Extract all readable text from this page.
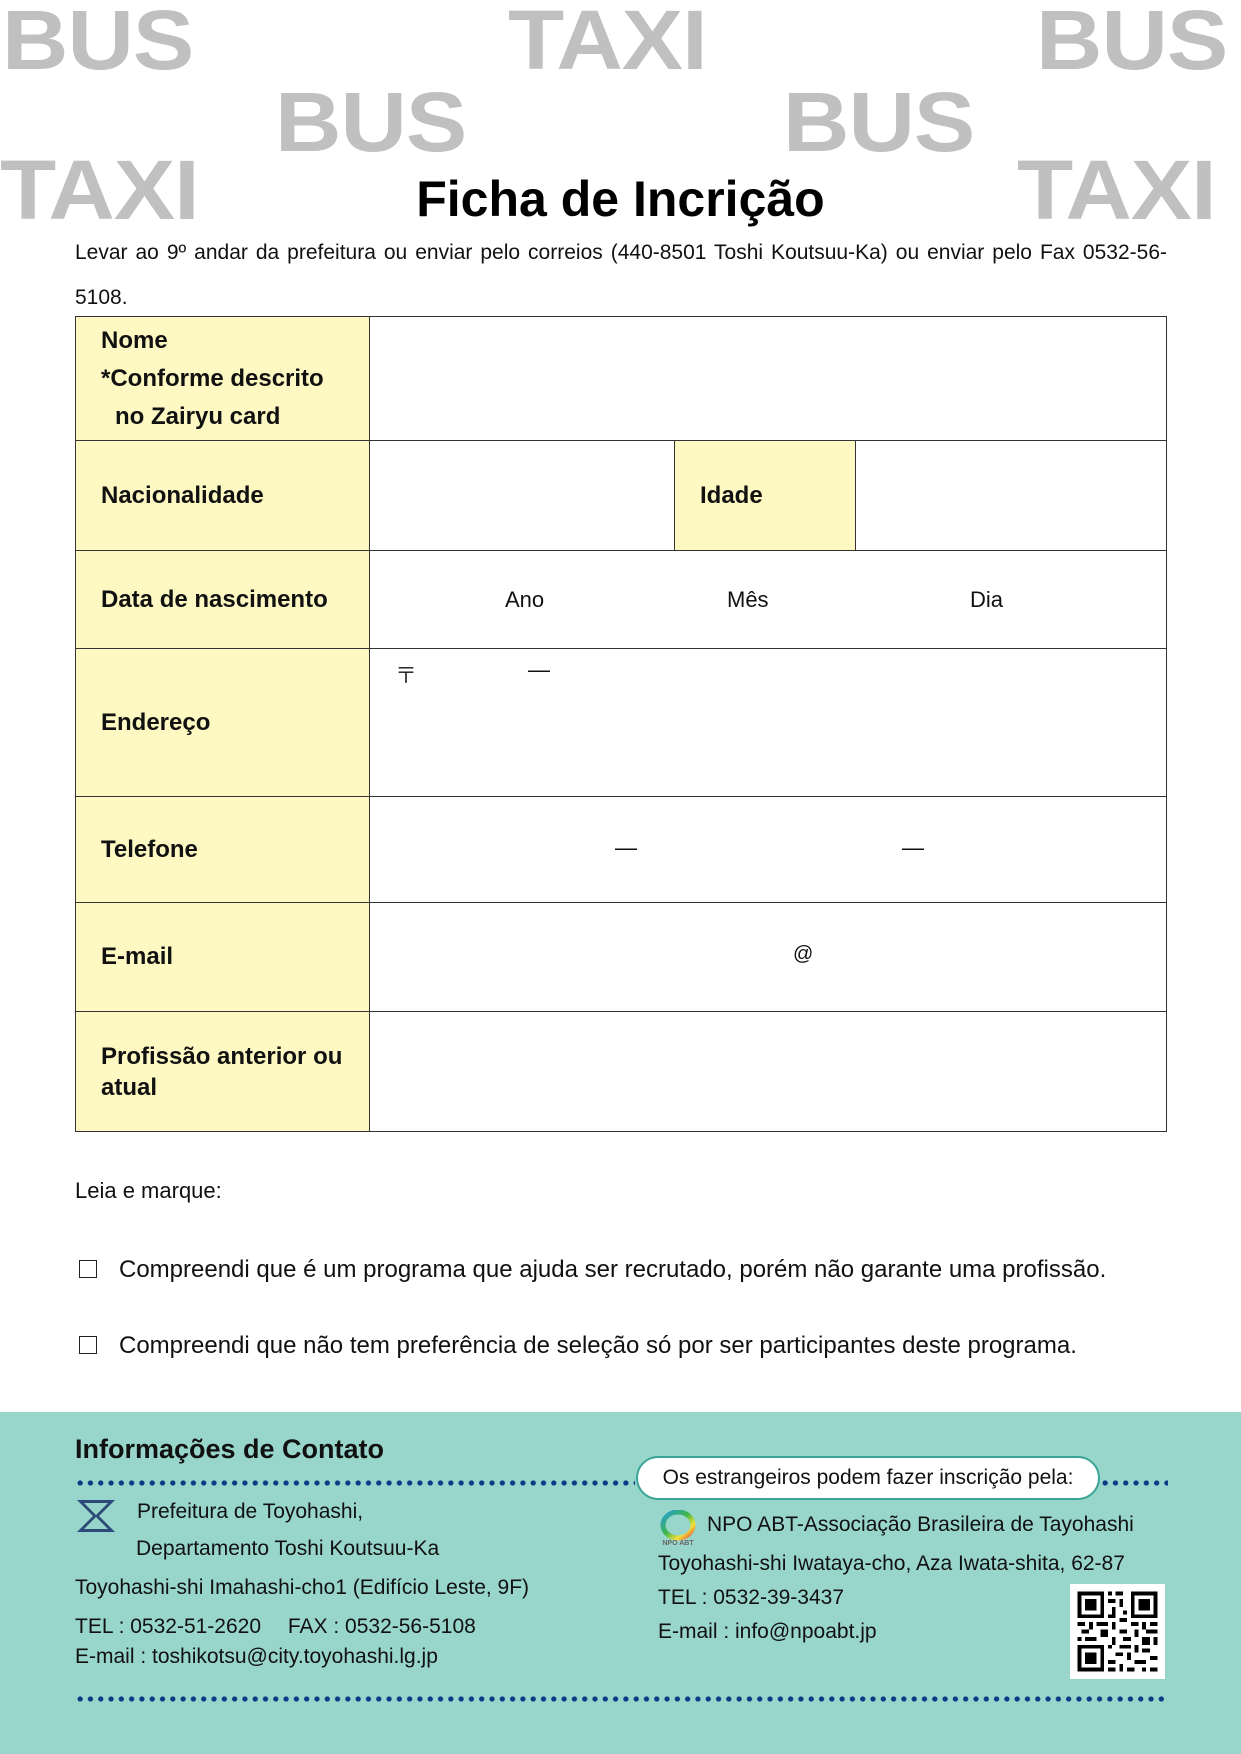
BUS	TAXI	BUS
BUS	BUS
TAXI	TAXI
Ficha de Incrição
Levar ao 9º andar da prefeitura ou enviar pelo correios (440-8501 Toshi Koutsuu-Ka) ou enviar pelo Fax 0532-56-5108.
Nome
*Conforme descrito
no Zairyu card			

Nacionalidade		Idade	
Data de nascimento	Ano Mês Dia		

Endereço	〒 —		

Telefone	— —		

E-mail	@		

Profissão anterior ou atual			
Leia e marque:
Compreendi que é um programa que ajuda ser recrutado, porém não garante uma profissão.
Compreendi que não tem preferência de seleção só por ser participantes deste programa.
Informações de Contato
Os estrangeiros podem fazer inscrição pela:
Prefeitura de Toyohashi,
Departamento Toshi Koutsuu-Ka
Toyohashi-shi Imahashi-cho1 (Edifício Leste, 9F)
TEL : 0532-51-2620　 FAX : 0532-56-5108
E-mail : toshikotsu@city.toyohashi.lg.jp
NPO ABT
NPO ABT-Associação Brasileira de Tayohashi
Toyohashi-shi Iwataya-cho, Aza Iwata-shita, 62-87
TEL : 0532-39-3437
E-mail : info@npoabt.jp
